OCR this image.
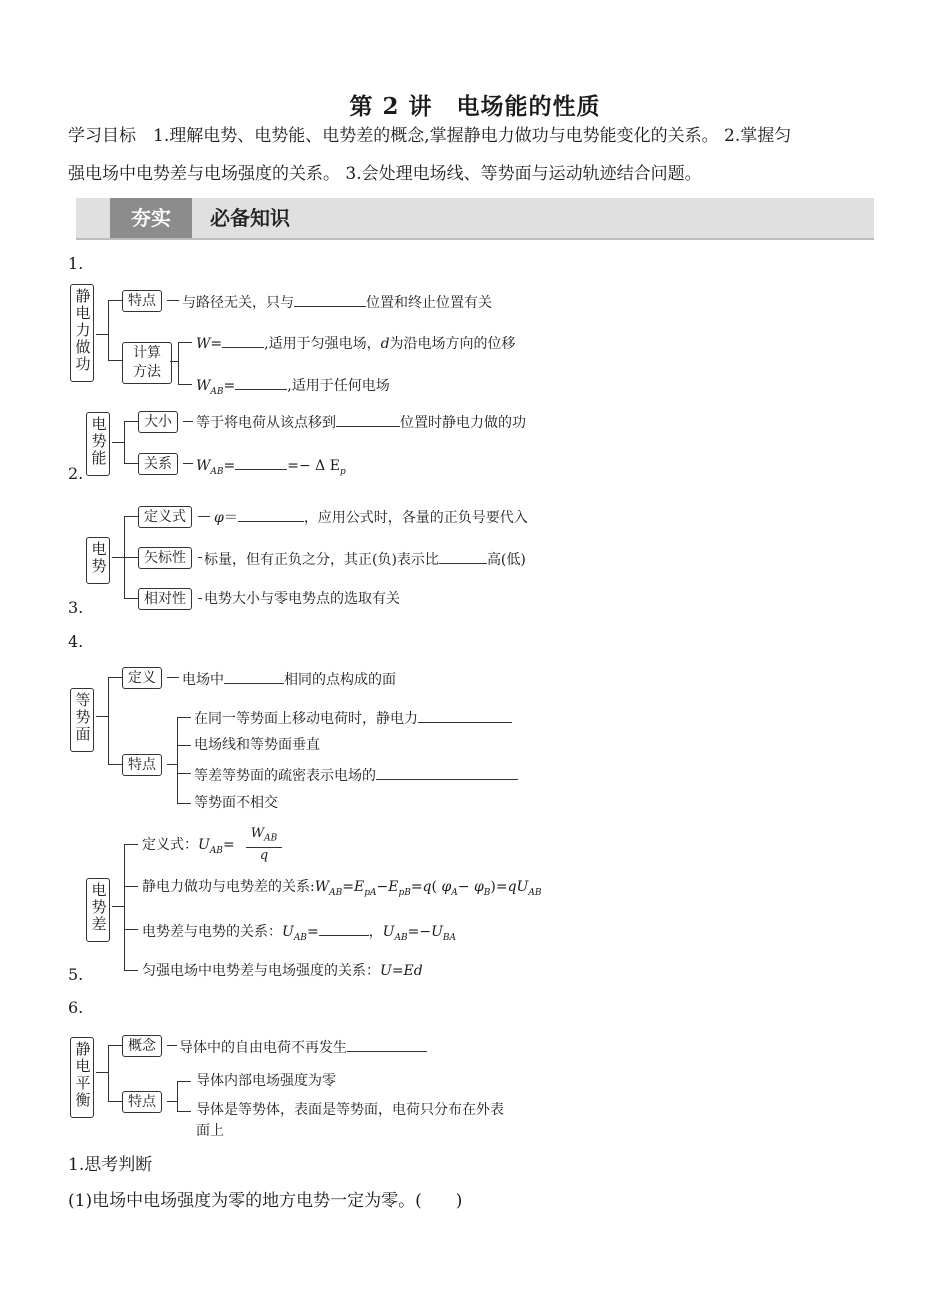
第 2 讲　电场能的性质
学习目标　1.理解电势、电势能、电势差的概念,掌握静电力做功与电势能变化的关系。 2.掌握匀
强电场中电势差与电场强度的关系。 3.会处理电场线、等势面与运动轨迹结合问题。
夯实	必备知识
1.
静电力做功	特点	与路径无关，只与	位置和终止位置有关
计算方法
W=	,适用于匀强电场，d为沿电场方向的位移
$W_{AB}=$	,适用于任何电场
电势能	大小	等于将电荷从该点移到	位置时静电力做的功
关系	$W_{AB}=$	=− Δ $E_p$
2.
电势
定义式	φ＝	，应用公式时，各量的正负号要代入
矢标性	标量，但有正负之分，其正(负)表示比	高(低)
相对性	电势大小与零电势点的选取有关
3.
4.
等势面
定义	电场中	相同的点构成的面
特点
在同一等势面上移动电荷时，静电力
电场线和等势面垂直
等差等势面的疏密表示电场的
等势面不相交
电势差
定义式：$U_{AB}=$
$W_{AB}$
q
静电力做功与电势差的关系$:W_{AB}=E_{pA}-E_{pB}=q$( $\varphi_A- \varphi_B)=qU_{AB}$
电势差与电势的关系：$U_{AB}=$	，$U_{AB}=-U_{BA}$
匀强电场中电势差与电场强度的关系：U=Ed
5.
6.
静电平衡	概念	导体中的自由电荷不再发生
特点
导体内部电场强度为零
导体是等势体，表面是等势面，电荷只分布在外表
面上
1.思考判断
(1)电场中电场强度为零的地方电势一定为零。(　　)
